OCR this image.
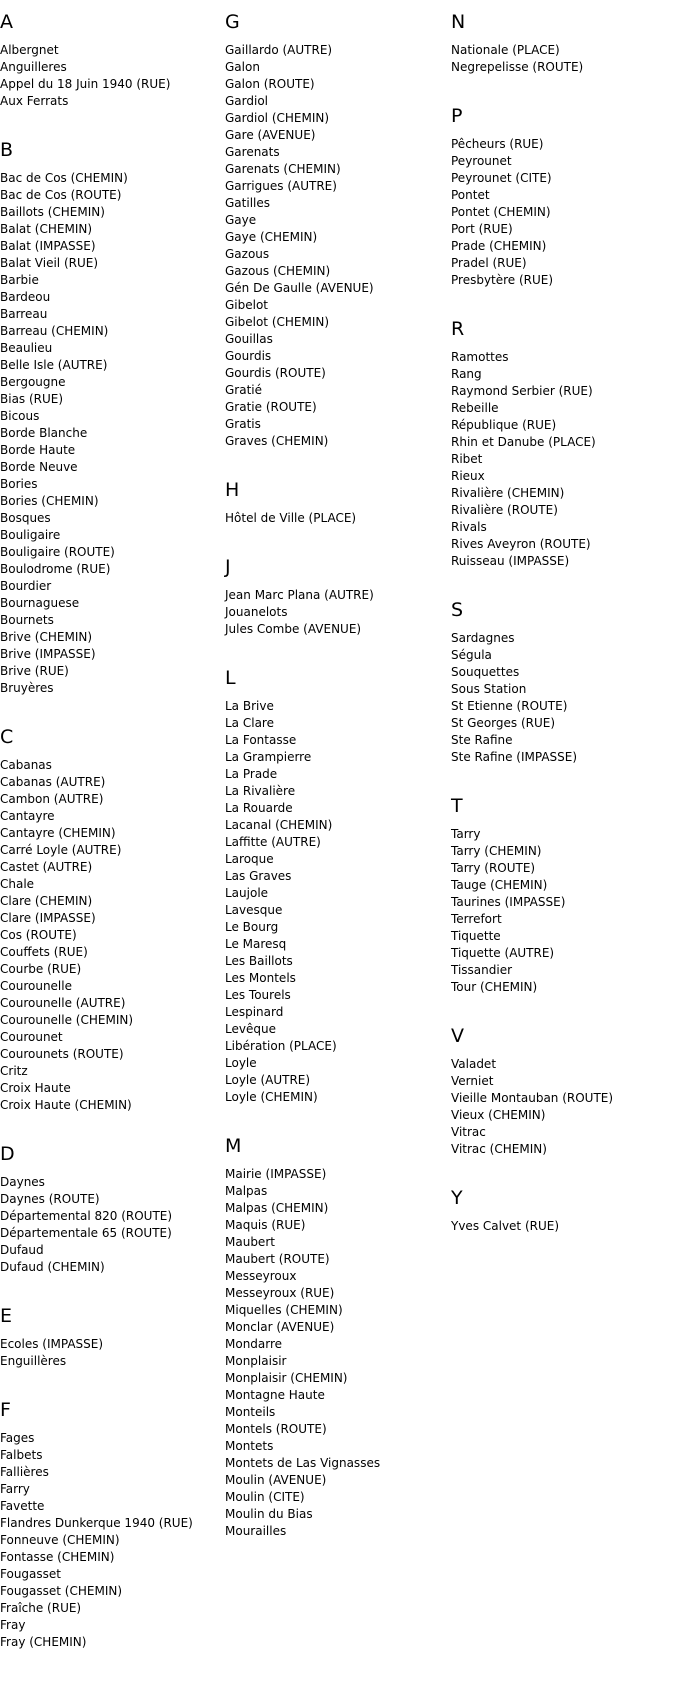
A
Albergnet
Anguilleres
Appel du 18 Juin 1940 (RUE)
Aux Ferrats
B
Bac de Cos (CHEMIN)
Bac de Cos (ROUTE)
Baillots (CHEMIN)
Balat (CHEMIN)
Balat (IMPASSE)
Balat Vieil (RUE)
Barbie
Bardeou
Barreau
Barreau (CHEMIN)
Beaulieu
Belle Isle (AUTRE)
Bergougne
Bias (RUE)
Bicous
Borde Blanche
Borde Haute
Borde Neuve
Bories
Bories (CHEMIN)
Bosques
Bouligaire
Bouligaire (ROUTE)
Boulodrome (RUE)
Bourdier
Bournaguese
Bournets
Brive (CHEMIN)
Brive (IMPASSE)
Brive (RUE)
Bruyères
C
Cabanas
Cabanas (AUTRE)
Cambon (AUTRE)
Cantayre
Cantayre (CHEMIN)
Carré Loyle (AUTRE)
Castet (AUTRE)
Chale
Clare (CHEMIN)
Clare (IMPASSE)
Cos (ROUTE)
Couffets (RUE)
Courbe (RUE)
Courounelle
Courounelle (AUTRE)
Courounelle (CHEMIN)
Courounet
Courounets (ROUTE)
Critz
Croix Haute
Croix Haute (CHEMIN)
D
Daynes
Daynes (ROUTE)
Départemental 820 (ROUTE)
Départementale 65 (ROUTE)
Dufaud
Dufaud (CHEMIN)
E
Ecoles (IMPASSE)
Enguillères
F
Fages
Falbets
Fallières
Farry
Favette
Flandres Dunkerque 1940 (RUE)
Fonneuve (CHEMIN)
Fontasse (CHEMIN)
Fougasset
Fougasset (CHEMIN)
Fraîche (RUE)
Fray
Fray (CHEMIN)
G
Gaillardo (AUTRE)
Galon
Galon (ROUTE)
Gardiol
Gardiol (CHEMIN)
Gare (AVENUE)
Garenats
Garenats (CHEMIN)
Garrigues (AUTRE)
Gatilles
Gaye
Gaye (CHEMIN)
Gazous
Gazous (CHEMIN)
Gén De Gaulle (AVENUE)
Gibelot
Gibelot (CHEMIN)
Gouillas
Gourdis
Gourdis (ROUTE)
Gratié
Gratie (ROUTE)
Gratis
Graves (CHEMIN)
H
Hôtel de Ville (PLACE)
J
Jean Marc Plana (AUTRE)
Jouanelots
Jules Combe (AVENUE)
L
La Brive
La Clare
La Fontasse
La Grampierre
La Prade
La Rivalière
La Rouarde
Lacanal (CHEMIN)
Laffitte (AUTRE)
Laroque
Las Graves
Laujole
Lavesque
Le Bourg
Le Maresq
Les Baillots
Les Montels
Les Tourels
Lespinard
Levêque
Libération (PLACE)
Loyle
Loyle (AUTRE)
Loyle (CHEMIN)
M
Mairie (IMPASSE)
Malpas
Malpas (CHEMIN)
Maquis (RUE)
Maubert
Maubert (ROUTE)
Messeyroux
Messeyroux (RUE)
Miquelles (CHEMIN)
Monclar (AVENUE)
Mondarre
Monplaisir
Monplaisir (CHEMIN)
Montagne Haute
Monteils
Montels (ROUTE)
Montets
Montets de Las Vignasses
Moulin (AVENUE)
Moulin (CITE)
Moulin du Bias
Mourailles
N
Nationale (PLACE)
Negrepelisse (ROUTE)
P
Pêcheurs (RUE)
Peyrounet
Peyrounet (CITE)
Pontet
Pontet (CHEMIN)
Port (RUE)
Prade (CHEMIN)
Pradel (RUE)
Presbytère (RUE)
R
Ramottes
Rang
Raymond Serbier (RUE)
Rebeille
République (RUE)
Rhin et Danube (PLACE)
Ribet
Rieux
Rivalière (CHEMIN)
Rivalière (ROUTE)
Rivals
Rives Aveyron (ROUTE)
Ruisseau (IMPASSE)
S
Sardagnes
Ségula
Souquettes
Sous Station
St Etienne (ROUTE)
St Georges (RUE)
Ste Rafine
Ste Rafine (IMPASSE)
T
Tarry
Tarry (CHEMIN)
Tarry (ROUTE)
Tauge (CHEMIN)
Taurines (IMPASSE)
Terrefort
Tiquette
Tiquette (AUTRE)
Tissandier
Tour (CHEMIN)
V
Valadet
Verniet
Vieille Montauban (ROUTE)
Vieux (CHEMIN)
Vitrac
Vitrac (CHEMIN)
Y
Yves Calvet (RUE)
